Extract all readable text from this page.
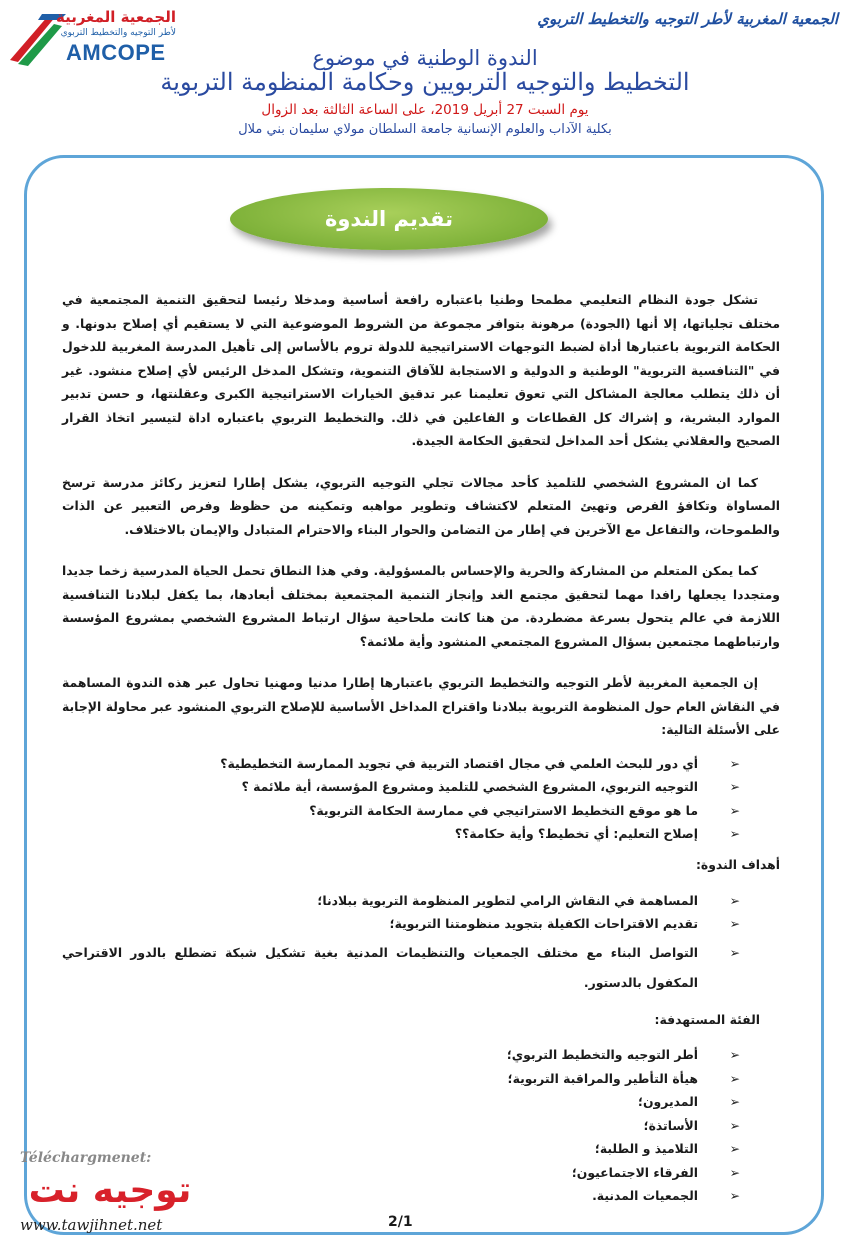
الجمعية المغربية
لأطر التوجيه والتخطيط التربوي
AMCOPE
الجمعية المغربية لأطر التوجيه والتخطيط التربوي
الندوة الوطنية في موضوع
التخطيط والتوجيه التربويين وحكامة المنظومة التربوية
يوم السبت 27 أبريل 2019، على الساعة الثالثة بعد الزوال
بكلية الآداب والعلوم الإنسانية جامعة السلطان مولاي سليمان بني ملال
تقديم الندوة

تشكل جودة النظام التعليمي مطمحا وطنيا باعتباره رافعة أساسية ومدخلا رئيسا لتحقيق التنمية المجتمعية في مختلف تجلياتها، إلا أنها (الجودة) مرهونة بتوافر مجموعة من الشروط الموضوعية التي لا يستقيم أي إصلاح بدونها. و الحكامة التربوية باعتبارها أداة لضبط التوجهات الاستراتيجية للدولة تروم بالأساس إلى تأهيل المدرسة المغربية للدخول في "التنافسية التربوية" الوطنية و الدولية و الاستجابة للآفاق التنموية، وتشكل المدخل الرئيس لأي إصلاح منشود. غير أن ذلك يتطلب معالجة المشاكل التي تعوق تعليمنا عبر تدقيق الخيارات الاستراتيجية الكبرى وعقلنتها، و حسن تدبير الموارد البشرية، و إشراك كل القطاعات و الفاعلين في ذلك. والتخطيط التربوي باعتباره اداة لتيسير اتخاذ القرار الصحيح والعقلاني يشكل أحد المداخل لتحقيق الحكامة الجيدة.

كما ان المشروع الشخصي للتلميذ كأحد مجالات تجلي التوجيه التربوي، يشكل إطارا لتعزيز ركائز مدرسة ترسخ المساواة وتكافؤ الفرص وتهيئ المتعلم لاكتشاف وتطوير مواهبه وتمكينه من حظوظ وفرص التعبير عن الذات والطموحات، والتفاعل مع الآخرين في إطار من التضامن والحوار البناء والاحترام المتبادل والإيمان بالاختلاف.

كما يمكن المتعلم من المشاركة والحرية والإحساس بالمسؤولية. وفي هذا النطاق تحمل الحياة المدرسية زخما جديدا ومتجددا يجعلها رافدا مهما لتحقيق مجتمع الغد وإنجاز التنمية المجتمعية بمختلف أبعادها، بما يكفل لبلادنا التنافسية اللازمة في عالم يتحول بسرعة مضطردة. من هنا كانت ملحاحية سؤال ارتباط المشروع الشخصي بمشروع المؤسسة وارتباطهما مجتمعين بسؤال المشروع المجتمعي المنشود وأية ملائمة؟

إن الجمعية المغربية لأطر التوجيه والتخطيط التربوي باعتبارها إطارا مدنيا ومهنيا تحاول عبر هذه الندوة المساهمة في النقاش العام حول المنظومة التربوية ببلادنا واقتراح المداخل الأساسية للإصلاح التربوي المنشود عبر محاولة الإجابة على الأسئلة التالية:

➢
أي دور للبحث العلمي في مجال اقتصاد التربية في تجويد الممارسة التخطيطية؟
➢
التوجيه التربوي، المشروع الشخصي للتلميذ ومشروع المؤسسة، أية ملائمة ؟
➢
ما هو موقع التخطيط الاستراتيجي في ممارسة الحكامة التربوية؟
➢
إصلاح التعليم: أي تخطيط؟ وأية حكامة؟؟
أهداف الندوة:
➢
المساهمة في النقاش الرامي لتطوير المنظومة التربوية ببلادنا؛
➢
تقديم الاقتراحات الكفيلة بتجويد منظومتنا التربوية؛
➢
التواصل البناء مع مختلف الجمعيات والتنظيمات المدنية بغية تشكيل شبكة تضطلع بالدور الاقتراحي المكفول بالدستور.
الفئة المستهدفة:
➢
أطر التوجيه والتخطيط التربوي؛
➢
هيأة التأطير والمراقبة التربوية؛
➢
المديرون؛
➢
الأساتذة؛
➢
التلاميذ و الطلبة؛
➢
الفرقاء الاجتماعيون؛
➢
الجمعيات المدنية.
Téléchargmenet:
توجيه نت
www.tawjihnet.net	2/1
